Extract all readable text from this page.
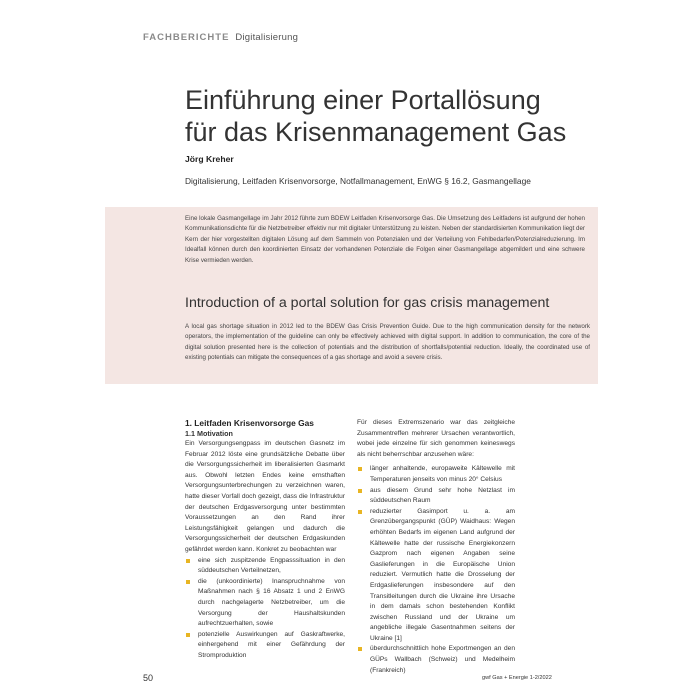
FACHBERICHTE Digitalisierung
Einführung einer Portallösung
für das Krisenmanagement Gas
Jörg Kreher
Digitalisierung, Leitfaden Krisenvorsorge, Notfallmanagement, EnWG § 16.2, Gasmangellage

Eine lokale Gasmangellage im Jahr 2012 führte zum BDEW Leitfaden Krisenvorsorge Gas. Die Umsetzung des Leitfadens ist aufgrund der hohen Kommunikationsdichte für die Netzbetreiber effektiv nur mit digitaler Unterstützung zu leisten. Neben der standardisierten Kommunikation liegt der Kern der hier vorgestellten digitalen Lösung auf dem Sammeln von Potenzialen und der Verteilung von Fehlbedarfen/Potenzialreduzierung. Im Idealfall können durch den koordinierten Einsatz der vorhandenen Potenziale die Folgen einer Gasmangellage abgemildert und eine schwere Krise vermieden werden.

Introduction of a portal solution for gas crisis management

A local gas shortage situation in 2012 led to the BDEW Gas Crisis Prevention Guide. Due to the high communication density for the network operators, the implementation of the guideline can only be effectively achieved with digital support. In addition to communication, the core of the digital solution presented here is the collection of potentials and the distribution of shortfalls/potential reduction. Ideally, the coordinated use of existing potentials can mitigate the consequences of a gas shortage and avoid a severe crisis.

1. Leitfaden Krisenvorsorge Gas
1.1 Motivation

Ein Versorgungsengpass im deutschen Gasnetz im Februar 2012 löste eine grundsätzliche Debatte über die Versorgungssicherheit im liberalisierten Gasmarkt aus. Obwohl letzten Endes keine ernsthaften Versorgungsunterbrechungen zu verzeichnen waren, hatte dieser Vorfall doch gezeigt, dass die Infrastruktur der deutschen Erdgasversorgung unter bestimmten Voraussetzungen an den Rand ihrer Leistungsfähigkeit gelangen und dadurch die Versorgungssicherheit der deutschen Erdgaskunden gefährdet werden kann. Konkret zu beobachten war

eine sich zuspitzende Engpasssituation in den süddeutschen Verteilnetzen,
die (unkoordinierte) Inanspruchnahme von Maßnahmen nach § 16 Absatz 1 und 2 EnWG durch nachgelagerte Netzbetreiber, um die Versorgung der Haushaltskunden aufrechtzuerhalten, sowie
potenzielle Auswirkungen auf Gaskraftwerke, einhergehend mit einer Gefährdung der Stromproduktion

Für dieses Extremszenario war das zeitgleiche Zusammentreffen mehrerer Ursachen verantwortlich, wobei jede einzelne für sich genommen keineswegs als nicht beherrschbar anzusehen wäre:

länger anhaltende, europaweite Kältewelle mit Temperaturen jenseits von minus 20° Celsius
aus diesem Grund sehr hohe Netzlast im süddeutschen Raum
reduzierter Gasimport u. a. am Grenzübergangspunkt (GÜP) Waidhaus: Wegen erhöhten Bedarfs im eigenen Land aufgrund der Kältewelle hatte der russische Energiekonzern Gazprom nach eigenen Angaben seine Gaslieferungen in die Europäische Union reduziert. Vermutlich hatte die Drosselung der Erdgaslieferungen insbesondere auf den Transitleitungen durch die Ukraine ihre Ursache in dem damals schon bestehenden Konflikt zwischen Russland und der Ukraine um angebliche illegale Gasentnahmen seitens der Ukraine [1]
überdurchschnittlich hohe Exportmengen an den GÜPs Wallbach (Schweiz) und Medelheim (Frankreich)
50	gwf Gas + Energie 1-2/2022
